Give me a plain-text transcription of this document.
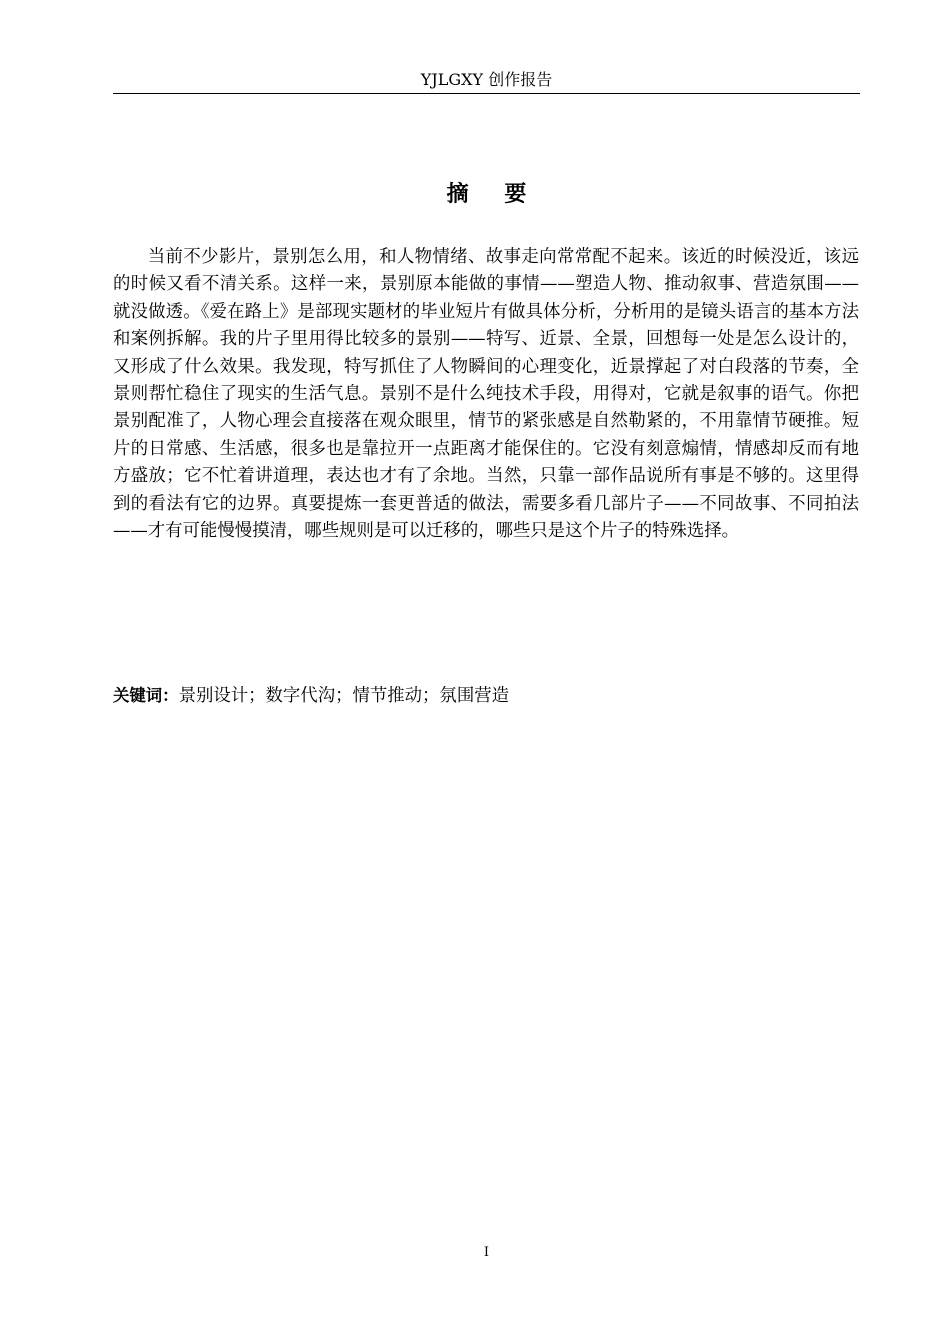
YJLGXY 创作报告
摘 要

当前不少影片，景别怎么用，和人物情绪、故事走向常常配不起来。该近的时候没近，该远的时候又看不清关系。这样一来，景别原本能做的事情——塑造人物、推动叙事、营造氛围——就没做透。《爱在路上》是部现实题材的毕业短片有做具体分析，分析用的是镜头语言的基本方法和案例拆解。我的片子里用得比较多的景别——特写、近景、全景，回想每一处是怎么设计的，又形成了什么效果。我发现，特写抓住了人物瞬间的心理变化，近景撑起了对白段落的节奏，全景则帮忙稳住了现实的生活气息。景别不是什么纯技术手段，用得对，它就是叙事的语气。你把景别配准了，人物心理会直接落在观众眼里，情节的紧张感是自然勒紧的，不用靠情节硬推。短片的日常感、生活感，很多也是靠拉开一点距离才能保住的。它没有刻意煽情，情感却反而有地方盛放；它不忙着讲道理，表达也才有了余地。当然，只靠一部作品说所有事是不够的。这里得到的看法有它的边界。真要提炼一套更普适的做法，需要多看几部片子——不同故事、不同拍法——才有可能慢慢摸清，哪些规则是可以迁移的，哪些只是这个片子的特殊选择。

关键词：景别设计；数字代沟；情节推动；氛围营造
I
